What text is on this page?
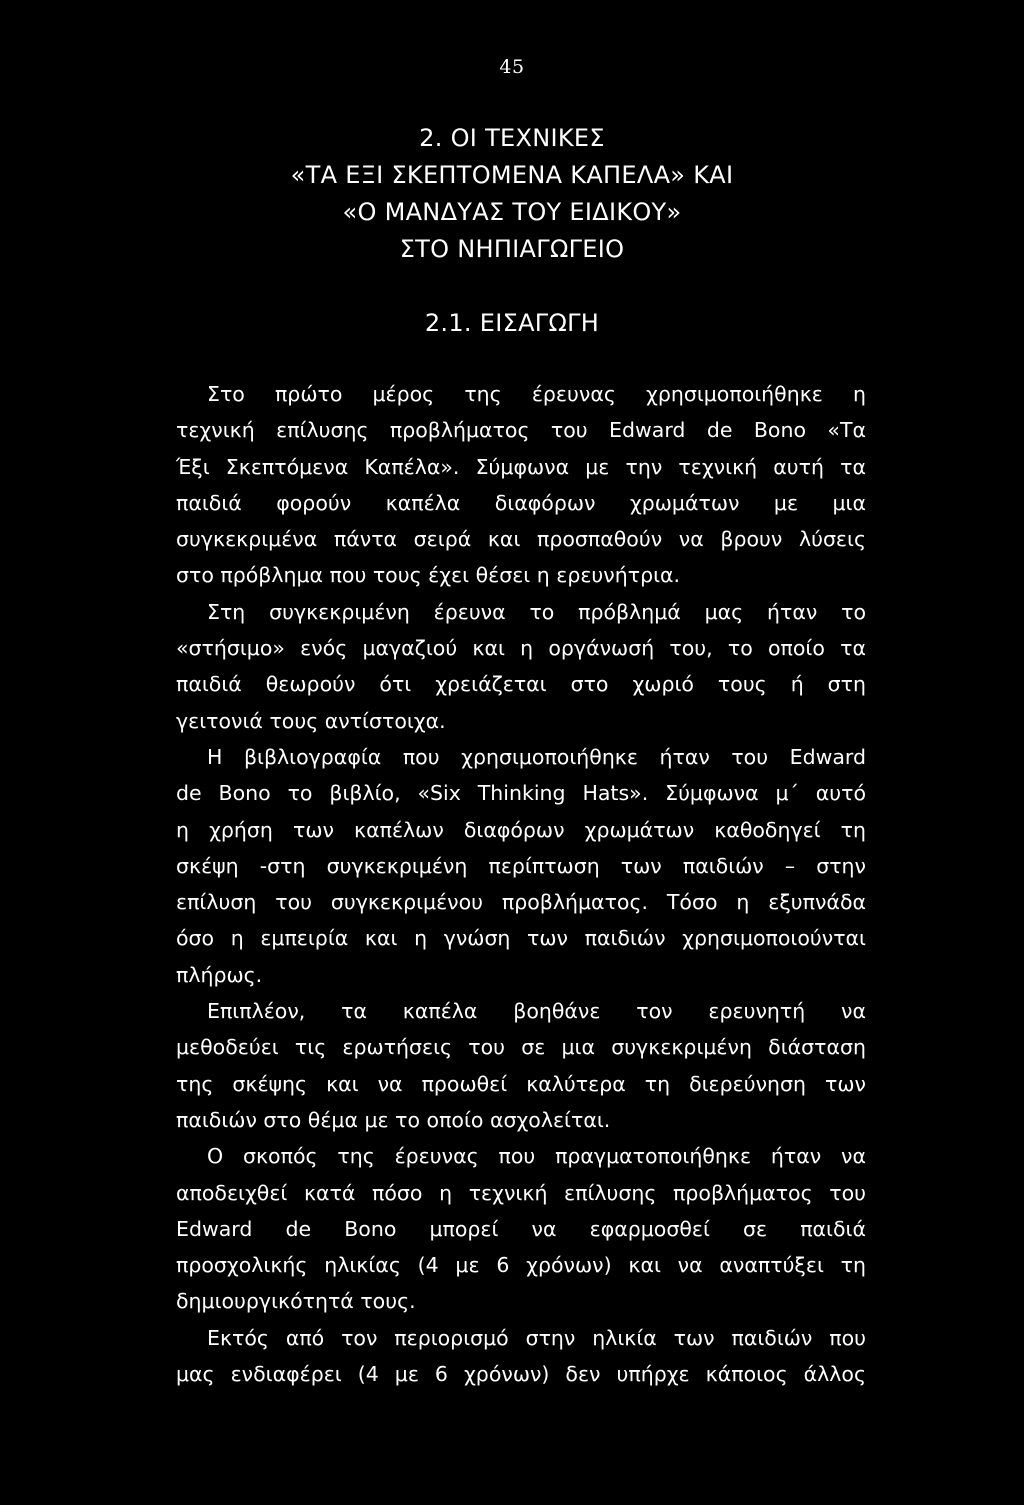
45
2. ΟΙ ΤΕΧΝΙΚΕΣ
«ΤΑ ΕΞΙ ΣΚΕΠΤΟΜΕΝΑ ΚΑΠΕΛΑ» ΚΑΙ
«Ο ΜΑΝΔΥΑΣ ΤΟΥ ΕΙΔΙΚΟΥ»
ΣΤΟ ΝΗΠΙΑΓΩΓΕΙΟ
2.1. ΕΙΣΑΓΩΓΗ
Στο πρώτο μέρος της έρευνας χρησιμοποιήθηκε η
τεχνική επίλυσης προβλήματος του Edward de Bono «Τα
Έξι Σκεπτόμενα Καπέλα». Σύμφωνα με την τεχνική αυτή τα
παιδιά φορούν καπέλα διαφόρων χρωμάτων με μια
συγκεκριμένα πάντα σειρά και προσπαθούν να βρουν λύσεις
στο πρόβλημα που τους έχει θέσει η ερευνήτρια.
Στη συγκεκριμένη έρευνα το πρόβλημά μας ήταν το
«στήσιμο» ενός μαγαζιού και η οργάνωσή του, το οποίο τα
παιδιά θεωρούν ότι χρειάζεται στο χωριό τους ή στη
γειτονιά τους αντίστοιχα.
Η βιβλιογραφία που χρησιμοποιήθηκε ήταν του Edward
de Bono το βιβλίο, «Six Thinking Hats». Σύμφωνα μ΄ αυτό
η χρήση των καπέλων διαφόρων χρωμάτων καθοδηγεί τη
σκέψη -στη συγκεκριμένη περίπτωση των παιδιών – στην
επίλυση του συγκεκριμένου προβλήματος. Τόσο η εξυπνάδα
όσο η εμπειρία και η γνώση των παιδιών χρησιμοποιούνται
πλήρως.
Επιπλέον, τα καπέλα βοηθάνε τον ερευνητή να
μεθοδεύει τις ερωτήσεις του σε μια συγκεκριμένη διάσταση
της σκέψης και να προωθεί καλύτερα τη διερεύνηση των
παιδιών στο θέμα με το οποίο ασχολείται.
Ο σκοπός της έρευνας που πραγματοποιήθηκε ήταν να
αποδειχθεί κατά πόσο η τεχνική επίλυσης προβλήματος του
Edward de Bono μπορεί να εφαρμοσθεί σε παιδιά
προσχολικής ηλικίας (4 με 6 χρόνων) και να αναπτύξει τη
δημιουργικότητά τους.
Εκτός από τον περιορισμό στην ηλικία των παιδιών που
μας ενδιαφέρει (4 με 6 χρόνων) δεν υπήρχε κάποιος άλλος
